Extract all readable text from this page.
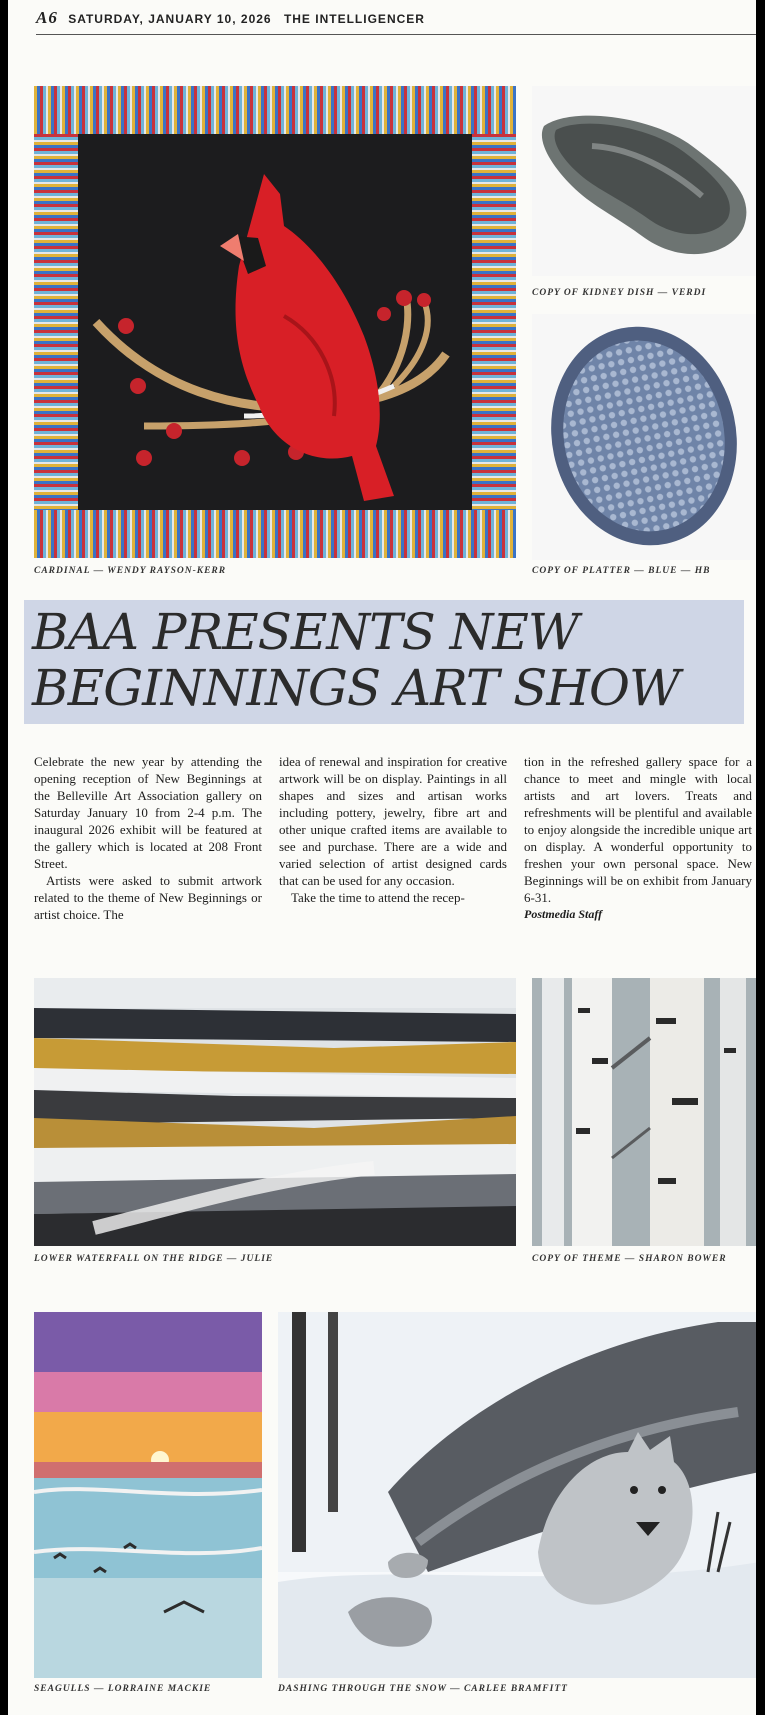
A6 SATURDAY, JANUARY 10, 2026 THE INTELLIGENCER
CARDINAL — WENDY RAYSON-KERR
COPY OF KIDNEY DISH — VERDI
COPY OF PLATTER — BLUE — HB
BAA PRESENTS NEW
BEGINNINGS ART SHOW

Celebrate the new year by attending the opening reception of New Beginnings at the Belleville Art Association gallery on Saturday January 10 from 2-4 p.m. The inaugural 2026 exhibit will be featured at the gallery which is located at 208 Front Street.

Artists were asked to submit artwork related to the theme of New Beginnings or artist choice. The

idea of renewal and inspiration for creative artwork will be on display. Paintings in all shapes and sizes and artisan works including pottery, jewelry, fibre art and other unique crafted items are available to see and purchase. There are a wide and varied selection of artist designed cards that can be used for any occasion.

Take the time to attend the recep-

tion in the refreshed gallery space for a chance to meet and mingle with local artists and art lovers. Treats and refreshments will be plentiful and available to enjoy alongside the incredible unique art on display. A wonderful opportunity to freshen your own personal space. New Beginnings will be on exhibit from January 6-31.

Postmedia Staff

LOWER WATERFALL ON THE RIDGE — JULIE	COPY OF THEME — SHARON BOWER
SEAGULLS — LORRAINE MACKIE	DASHING THROUGH THE SNOW — CARLEE BRAMFITT
